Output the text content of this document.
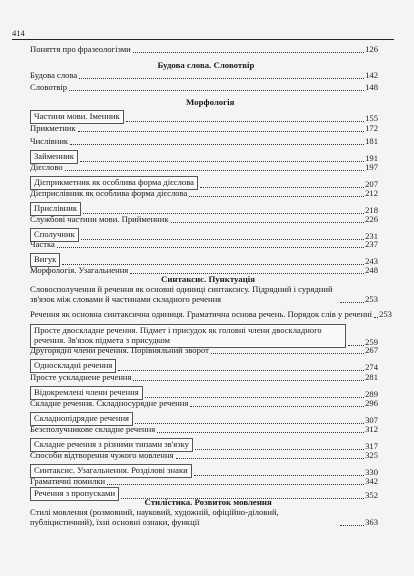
414
Поняття про фразеологізми	126
Будова слова. Словотвір
Будова слова	142
Словотвір	148
Морфологія
Частини мови. Іменник	155
Прикметник	172
Числівник	181
Займенник	191
Дієслово	197
Дієприкметник як особлива форма дієслова	207
Дієприслівник як особлива форма дієслова	212
Прислівник	218
Службові частини мови. Прийменник	226
Сполучник	231
Частка	237
Вигук	243
Морфологія. Узагальнення	248
Синтаксис. Пунктуація
Словосполучення й речення як основні одиниці синтаксису. Підрядний і сурядний зв'язок між словами й частинами складного речення	253
Речення як основна синтаксична одиниця. Граматична основа речень. Порядок слів у реченні 253
Просте двоскладне речення. Підмет і присудок як головні члени двоскладного речення. Зв'язок підмета з присудком	259
Другорядні члени речення. Порівняльний зворот	267
Односкладні речення	274
Просте ускладнене речення	281
Відокремлені члени речення	289
Складне речення. Складносурядне речення	296
Складнопідрядне речення	307
Безсполучникове складне речення	312
Складне речення з різними типами зв'язку	317
Способи відтворення чужого мовлення	325
Синтаксис. Узагальнення. Розділові знаки	330
Граматичні помилки	342
Речення з пропусками	352
Стилістика. Розвиток мовлення
Стилі мовлення (розмовний, науковий, художній, офіційно-діловий, публіцистичний), їхні основні ознаки, функції	363
